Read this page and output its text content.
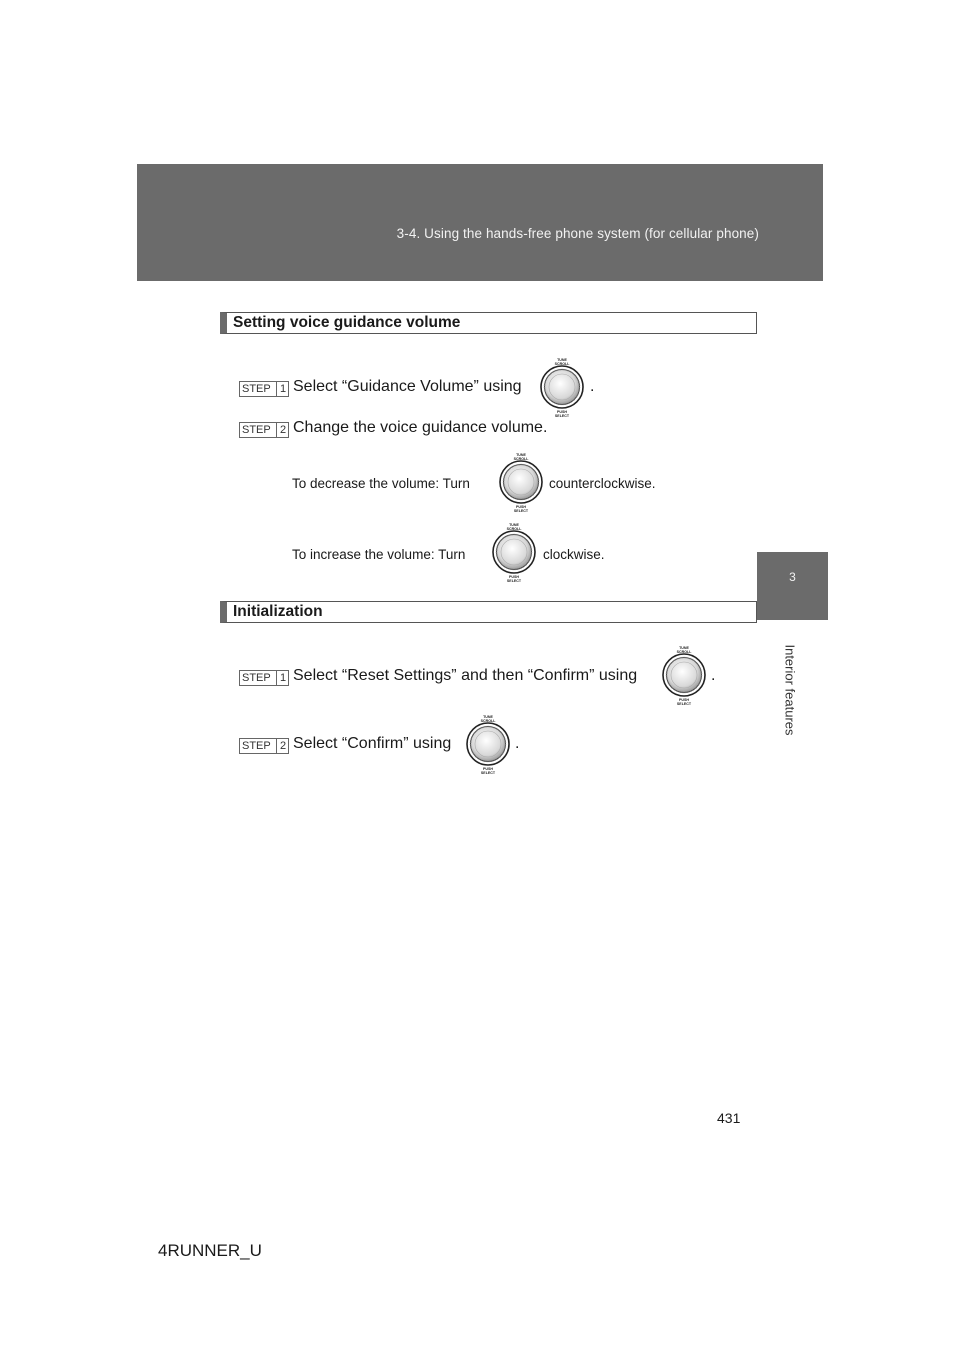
3-4. Using the hands-free phone system (for cellular phone)
3
Interior features
Setting voice guidance volume
STEP 1 Select “Guidance Volume” using	.
STEP 2 Change the voice guidance volume.
To decrease the volume: Turn	counterclockwise.
To increase the volume: Turn	clockwise.
Initialization
STEP 1 Select “Reset Settings” and then “Confirm” using	.
STEP 2 Select “Confirm” using	.
431
4RUNNER_U
